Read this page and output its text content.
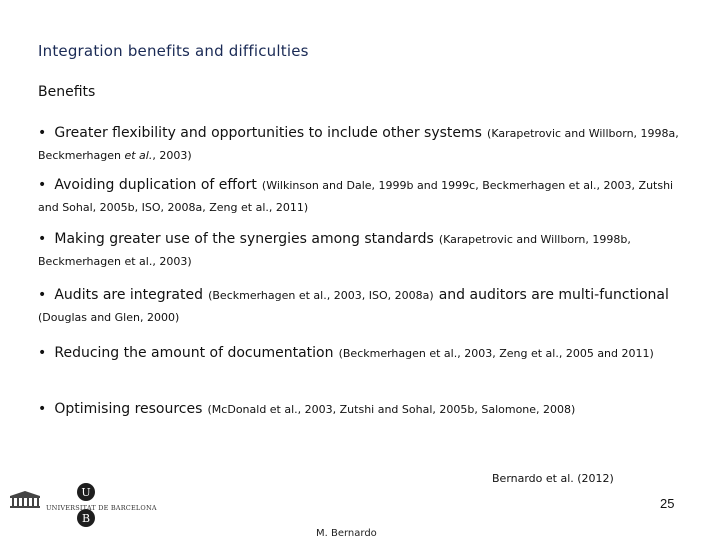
Integration benefits and difficulties
Benefits
• Greater flexibility and opportunities to include other systems (Karapetrovic and Willborn, 1998a, Beckmerhagen et al., 2003)
• Avoiding duplication of effort (Wilkinson and Dale, 1999b and 1999c, Beckmerhagen et al., 2003, Zutshi and Sohal, 2005b, ISO, 2008a, Zeng et al., 2011)
• Making greater use of the synergies among standards (Karapetrovic and Willborn, 1998b, Beckmerhagen et al., 2003)
• Audits are integrated (Beckmerhagen et al., 2003, ISO, 2008a) and auditors are multi-functional (Douglas and Glen, 2000)
• Reducing the amount of documentation (Beckmerhagen et al., 2003, Zeng et al., 2005 and 2011)
• Optimising resources (McDonald et al., 2003, Zutshi and Sohal, 2005b, Salomone, 2008)
Bernardo et al. (2012)
25
M. Bernardo
U
B
UNIVERSITAT DE BARCELONA
